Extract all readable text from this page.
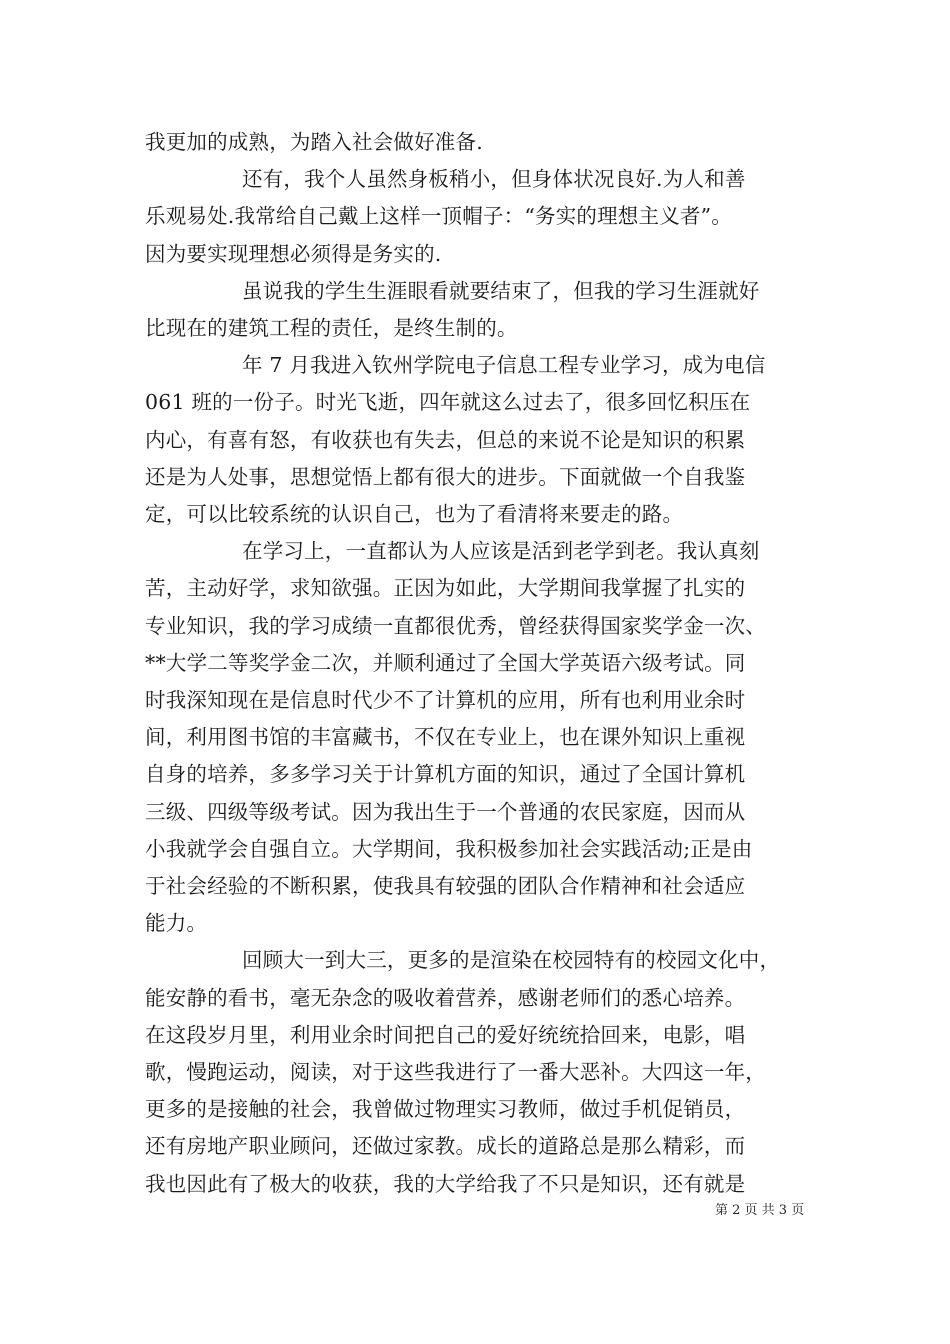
我更加的成熟，为踏入社会做好准备.
还有，我个人虽然身板稍小，但身体状况良好.为人和善
乐观易处.我常给自己戴上这样一顶帽子：“务实的理想主义者”。
因为要实现理想必须得是务实的.
虽说我的学生生涯眼看就要结束了，但我的学习生涯就好
比现在的建筑工程的责任，是终生制的。
年 7 月我进入钦州学院电子信息工程专业学习，成为电信
061 班的一份子。时光飞逝，四年就这么过去了，很多回忆积压在
内心，有喜有怒，有收获也有失去，但总的来说不论是知识的积累
还是为人处事，思想觉悟上都有很大的进步。下面就做一个自我鉴
定，可以比较系统的认识自己，也为了看清将来要走的路。
在学习上，一直都认为人应该是活到老学到老。我认真刻
苦，主动好学，求知欲强。正因为如此，大学期间我掌握了扎实的
专业知识，我的学习成绩一直都很优秀，曾经获得国家奖学金一次、
**大学二等奖学金二次，并顺利通过了全国大学英语六级考试。同
时我深知现在是信息时代少不了计算机的应用，所有也利用业余时
间，利用图书馆的丰富藏书，不仅在专业上，也在课外知识上重视
自身的培养，多多学习关于计算机方面的知识，通过了全国计算机
三级、四级等级考试。因为我出生于一个普通的农民家庭，因而从
小我就学会自强自立。大学期间，我积极参加社会实践活动;正是由
于社会经验的不断积累，使我具有较强的团队合作精神和社会适应
能力。
回顾大一到大三，更多的是渲染在校园特有的校园文化中，
能安静的看书，毫无杂念的吸收着营养，感谢老师们的悉心培养。
在这段岁月里，利用业余时间把自己的爱好统统拾回来，电影，唱
歌，慢跑运动，阅读，对于这些我进行了一番大恶补。大四这一年，
更多的是接触的社会，我曾做过物理实习教师，做过手机促销员，
还有房地产职业顾问，还做过家教。成长的道路总是那么精彩，而
我也因此有了极大的收获，我的大学给我了不只是知识，还有就是
第 2 页 共 3 页
